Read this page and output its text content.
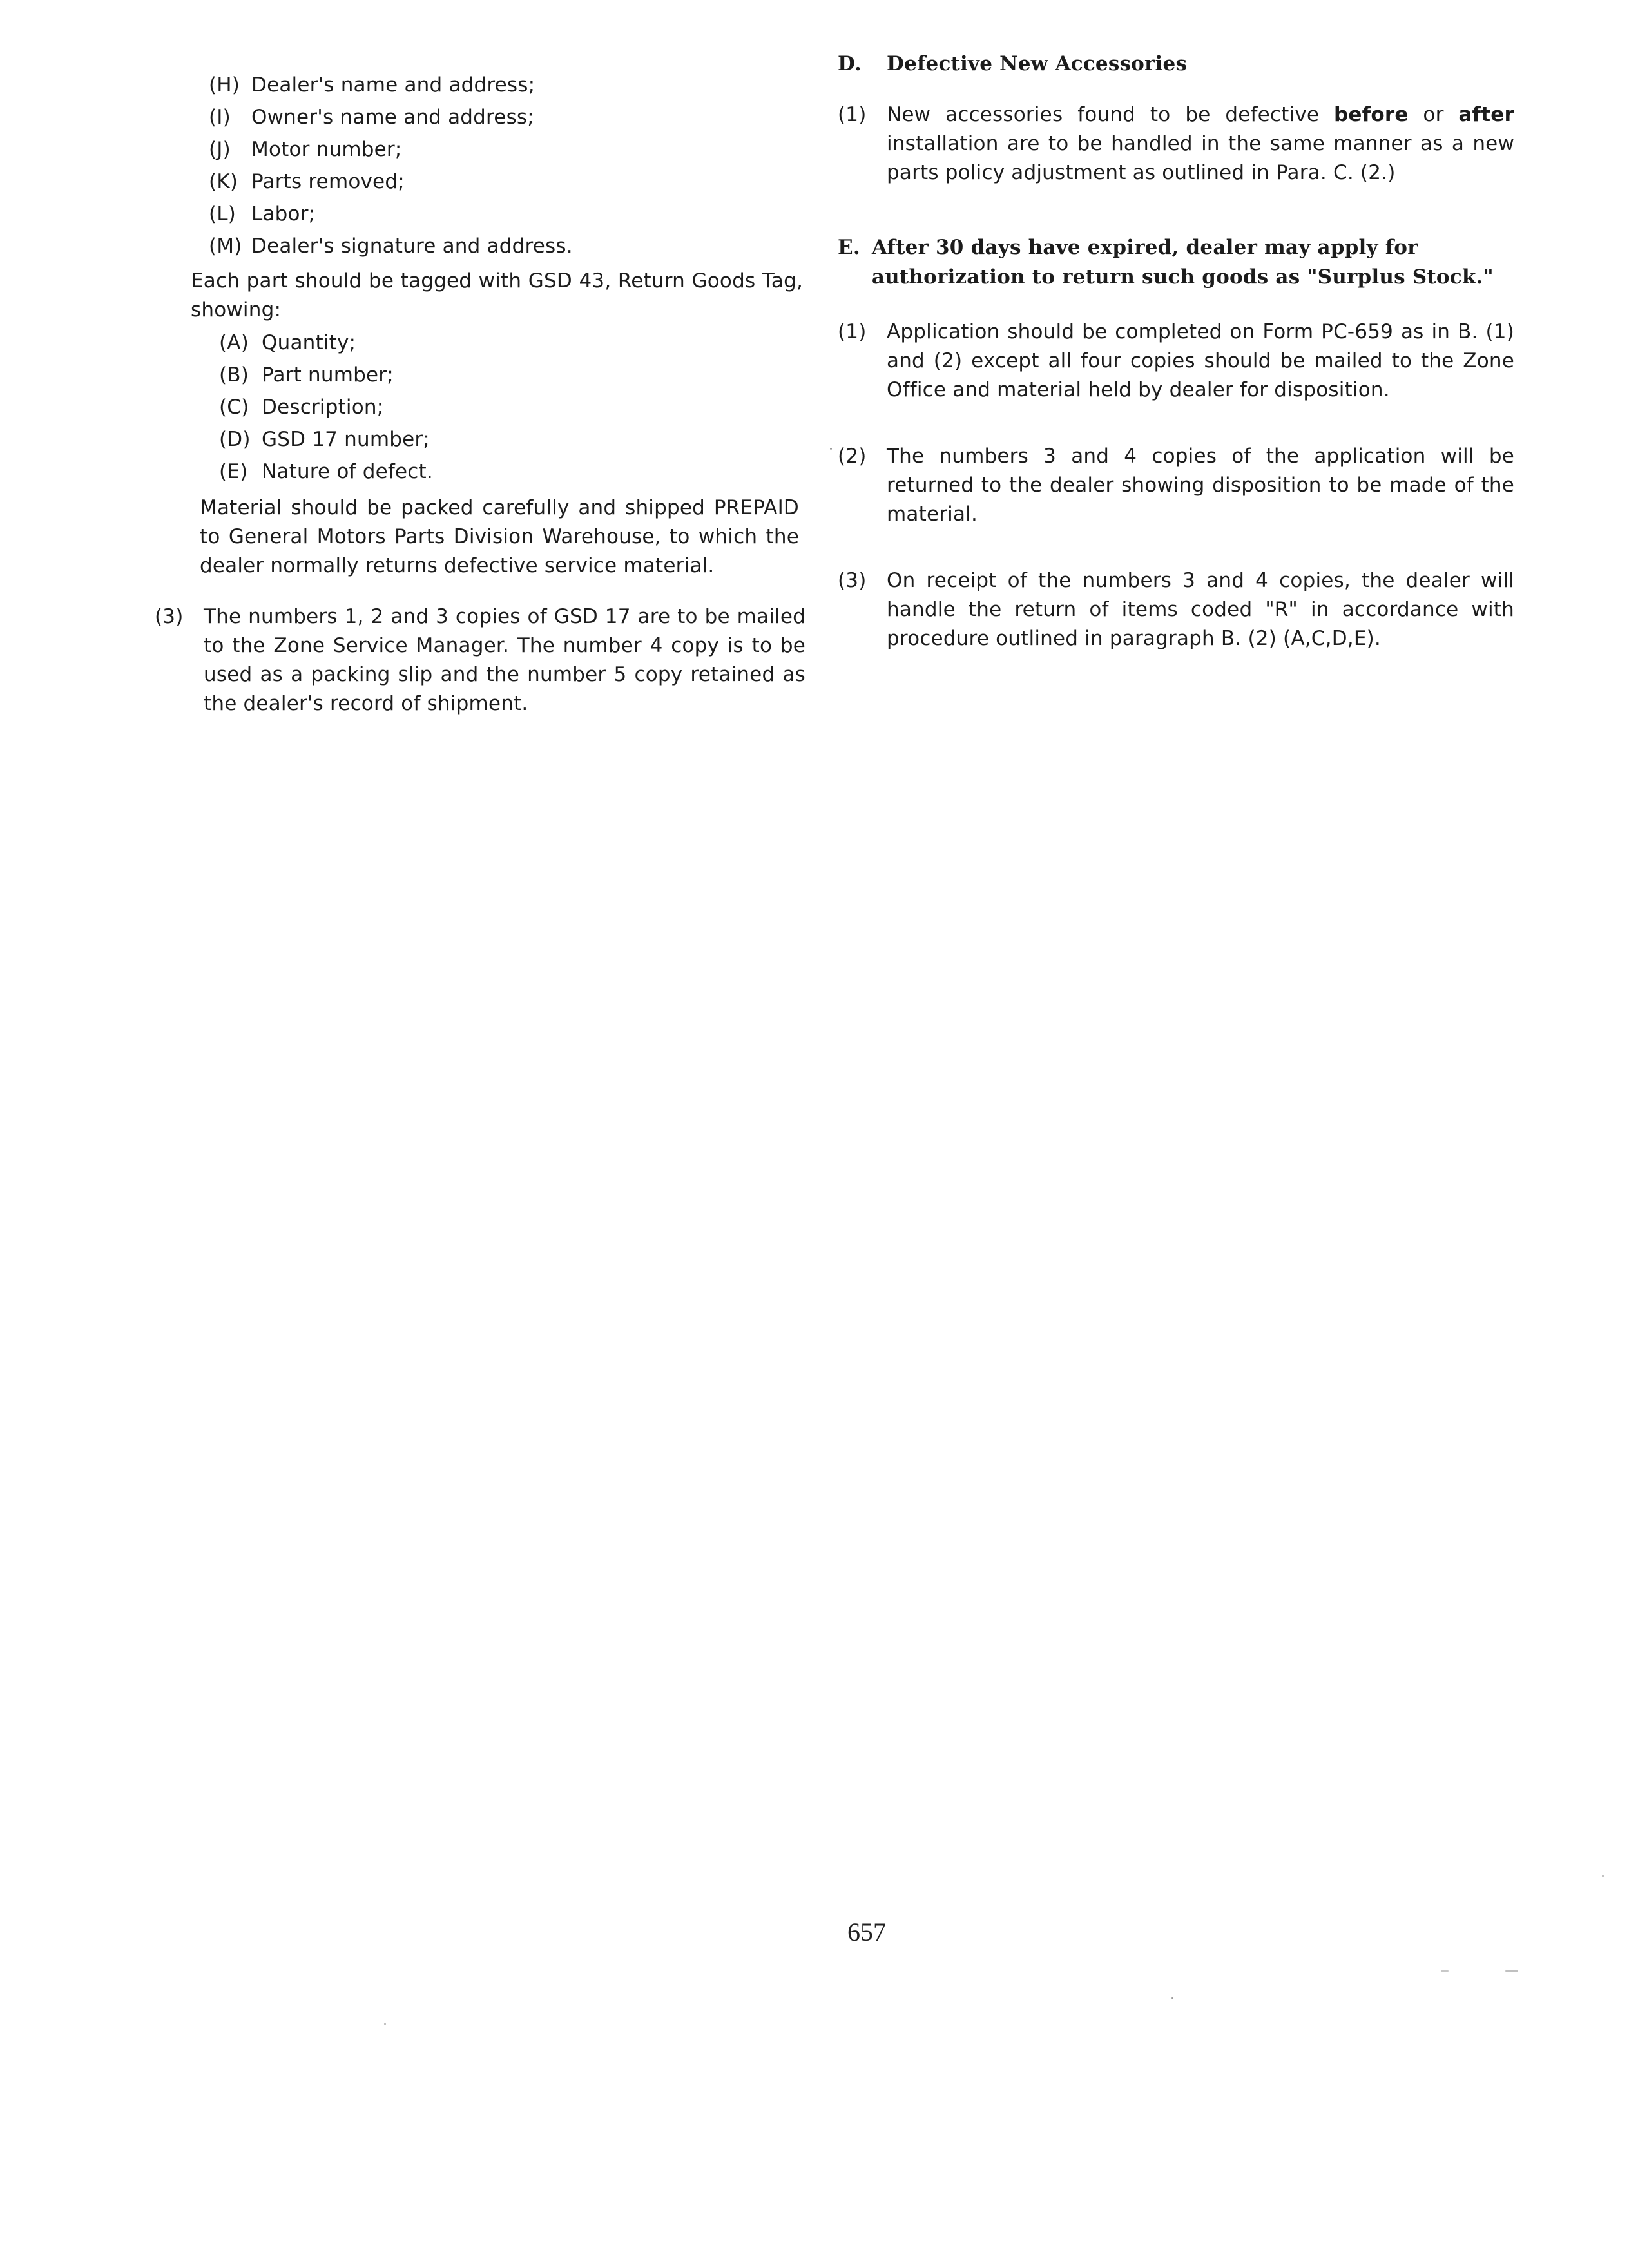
(H) Dealer's name and address;
(I)	Owner's name and address;
(J)	Motor number;
(K) Parts removed;
(L) Labor;
(M) Dealer's signature and address.

Each part should be tagged with GSD 43, Return Goods Tag, showing:

(A) Quantity;
(B) Part number;
(C) Description;
(D) GSD 17 number;
(E) Nature of defect.

Material should be packed carefully and shipped PREPAID to General Motors Parts Division Warehouse, to which the dealer normally returns defective service material.

(3)	The numbers 1, 2 and 3 copies of GSD 17 are to be mailed to the Zone Service Manager. The number 4 copy is to be used as a packing slip and the number 5 copy retained as the dealer's record of shipment.
D. Defective New Accessories
(1)	New accessories found to be defective before or after installation are to be handled in the same manner as a new parts policy adjustment as outlined in Para. C. (2.)
E. After 30 days have expired, dealer may apply for authorization to return such goods as "Surplus Stock."
(1)	Application should be completed on Form PC-659 as in B. (1) and (2) except all four copies should be mailed to the Zone Office and material held by dealer for disposition.
(2)	The numbers 3 and 4 copies of the application will be returned to the dealer showing disposition to be made of the material.
(3)	On receipt of the numbers 3 and 4 copies, the dealer will handle the return of items coded "R" in accordance with procedure outlined in paragraph B. (2) (A,C,D,E).
657
